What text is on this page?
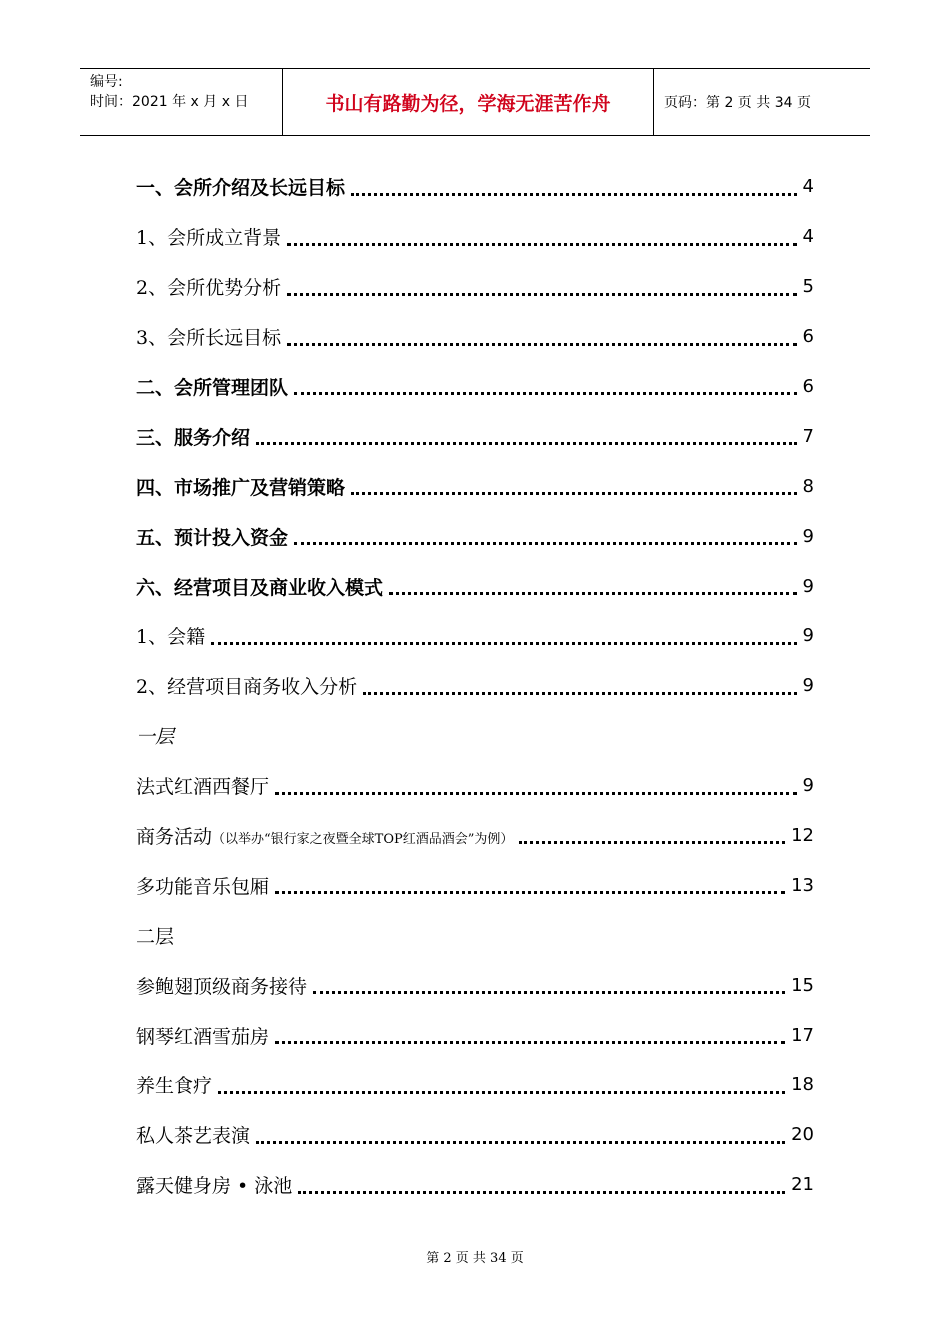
编号:
时间：2021 年 x 月 x 日	书山有路勤为径，学海无涯苦作舟	页码：第 2 页 共 34 页
一、会所介绍及长远目标	4
1、会所成立背景	4
2、会所优势分析	5
3、会所长远目标	6
二、会所管理团队	6
三、服务介绍	7
四、市场推广及营销策略	8
五、预计投入资金	9
六、经营项目及商业收入模式	9
1、会籍	9
2、经营项目商务收入分析	9
一层
法式红酒西餐厅	9
商务活动（以举办“银行家之夜暨全球TOP红酒品酒会”为例）	12
多功能音乐包厢	13
二层
参鲍翅顶级商务接待	15
钢琴红酒雪茄房	17
养生食疗	18
私人茶艺表演	20
露天健身房 • 泳池	21
第 2 页 共 34 页
